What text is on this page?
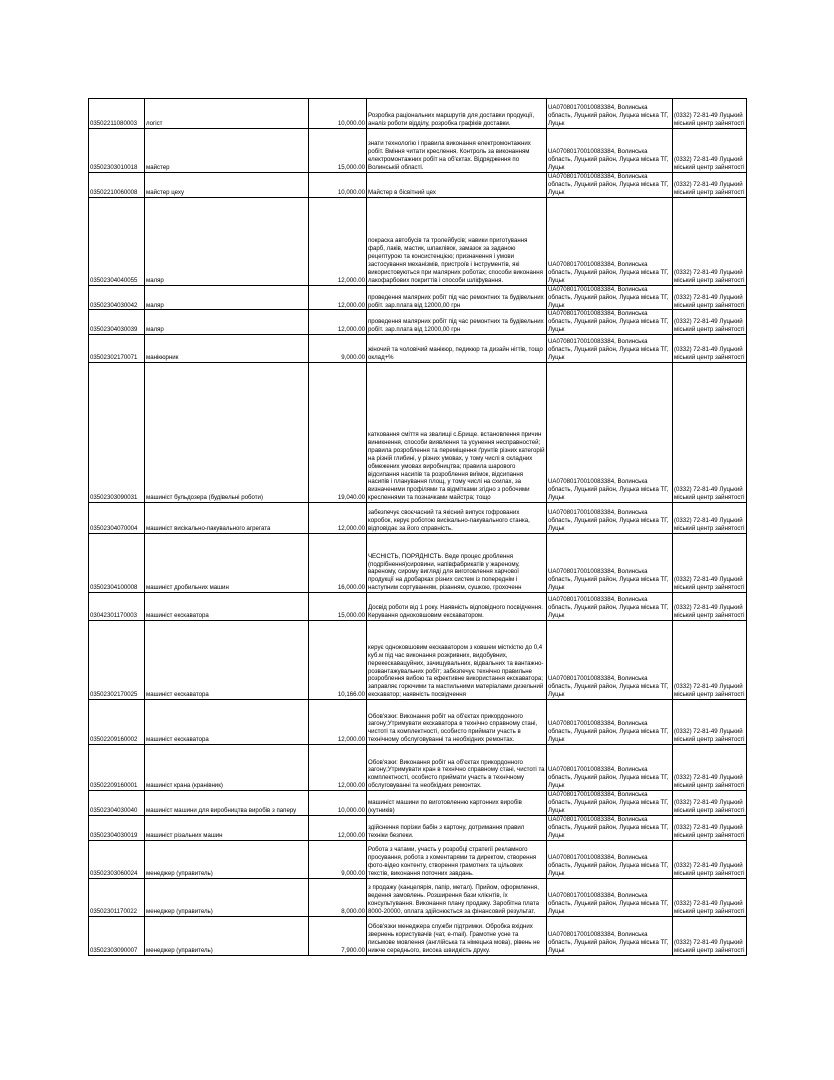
03502211080003	логіст	10,000.00	Розробка раціональних маршрутів для доставки продукції, аналіз роботи відділу, розробка графіків доставки.	UA07080170010083384, Волинська область, Луцький район, Луцька міська ТГ, Луцьк	(0332) 72-81-49 Луцький міський центр зайнятості
03502303010018	майстер	15,000.00	знати технологію і правила виконання електромонтажних робіт. Вміння читати креслення. Контроль за виконанням електромонтажних робіт на об'єктах. Відрядження по Волинській області.	UA07080170010083384, Волинська область, Луцький район, Луцька міська ТГ, Луцьк	(0332) 72-81-49 Луцький міський центр зайнятості
03502210060008	майстер цеху	10,000.00	Майстер в бісвітний цех	UA07080170010083384, Волинська область, Луцький район, Луцька міська ТГ, Луцьк	(0332) 72-81-49 Луцький міський центр зайнятості
03502304040055	маляр	12,000.00	покраска автобусів та тролейбусів; навики приготування фарб, лаків, мастик, шпаклівок, замазок за заданою рецептурою та консистенцією; призначення і умови застосування механізмів, пристроїв і інструментів, які використовуються при малярних роботах; способи виконання лакофарбових покриттів і способи шліфування.	UA07080170010083384, Волинська область, Луцький район, Луцька міська ТГ, Луцьк	(0332) 72-81-49 Луцький міський центр зайнятості
03502304030042	маляр	12,000.00	проведення малярних робіт під час ремонтних та будівельних робіт. зар.плата від 12000,00 грн	UA07080170010083384, Волинська область, Луцький район, Луцька міська ТГ, Луцьк	(0332) 72-81-49 Луцький міський центр зайнятості
03502304030039	маляр	12,000.00	проведення малярних робіт під час ремонтних та будівельних робіт. зар.плата від 12000,00 грн	UA07080170010083384, Волинська область, Луцький район, Луцька міська ТГ, Луцьк	(0332) 72-81-49 Луцький міський центр зайнятості
03502302170071	манікюрник	9,000.00	жіночий та чоловічий манікюр, педикюр та дизайн нігтів, тощо оклад+%	UA07080170010083384, Волинська область, Луцький район, Луцька міська ТГ, Луцьк	(0332) 72-81-49 Луцький міський центр зайнятості
03502303090031	машиніст бульдозера (будівельні роботи)	19,040.00	катковання сміття на звалищі с.Брище. встановлення причин виникнення, способи виявлення та усунення несправностей; правила розроблення та переміщення ґрунтів різних категорій на різній глибині, у різних умовах, у тому числі в складних обмежених умовах виробництва; правила шарового відсипання насипів та розроблення виїмок, відсипання насипів і планування площ, у тому числі на схилах, за визначеними профілями та відмітками згідно з робочими кресленнями та позначками майстра; тощо	UA07080170010083384, Волинська область, Луцький район, Луцька міська ТГ, Луцьк	(0332) 72-81-49 Луцький міський центр зайнятості
03502304070004	машиніст висікально-пакувального агрегата	12,000.00	забезпечує своєчасний та якісний випуск гофрованих коробок, керує роботою висікально-пакувального станка, відповідає за його справність.	UA07080170010083384, Волинська область, Луцький район, Луцька міська ТГ, Луцьк	(0332) 72-81-49 Луцький міський центр зайнятості
03502304100008	машиніст дробильних машин	16,000.00	ЧЕСНІСТЬ, ПОРЯДНІСТЬ. Веде процес дроблення (подрібнення)сировини, напівфабрикатів у жареному, вареному, сирому вигляді для виготовлення харчової продукції на дробарках різних систем із попереднім і наступним сортуванням, різанням, сушкою, грохоченн	UA07080170010083384, Волинська область, Луцький район, Луцька міська ТГ, Луцьк	(0332) 72-81-49 Луцький міський центр зайнятості
03042301170003	машиніст екскаватора	15,000.00	Досвід роботи від 1 року. Наявність відповідного посвідчення. Керування одноковшовим екскаватором.	UA07080170010083384, Волинська область, Луцький район, Луцька міська ТГ, Луцьк	(0332) 72-81-49 Луцький міський центр зайнятості
03502302170025	машиніст екскаватора	10,166.00	керує одноковшовим екскаватором з ковшем місткістю до 0,4 куб.м під час виконання розкривних, видобувних, перекескавацуйних, зачищувальних, відвальних та вантажно-розвантажувальних робіт; забезпечує технічно правильне розроблення вибою та ефективне використання екскаватора; заправляє горючими та мастильними матеріалами дизельний екскаватор; наявність посвідчення	UA07080170010083384, Волинська область, Луцький район, Луцька міська ТГ, Луцьк	(0332) 72-81-49 Луцький міський центр зайнятості
03502209160002	машиніст екскаватора	12,000.00	Обов'язки: Виконання робіт на об'єктах прикордонного загону;Утримувати екскаватора в технічно справному стані, чистоті та комплектності, особисто приймати участь в технічному обслуговуванні та необхідних ремонтах.	UA07080170010083384, Волинська область, Луцький район, Луцька міська ТГ, Луцьк	(0332) 72-81-49 Луцький міський центр зайнятості
03502209160001	машиніст крана (кранівник)	12,000.00	Обов'язки: Виконання робіт на об'єктах прикордонного загону;Утримувати кран в технічно справному стані, чистоті та комплектності, особисто приймати участь в технічному обслуговуванні та необхідних ремонтах.	UA07080170010083384, Волинська область, Луцький район, Луцька міська ТГ, Луцьк	(0332) 72-81-49 Луцький міський центр зайнятості
03502304030040	машиніст машини для виробництва виробів з паперу	10,000.00	машиніст машини по виготовленню картонних виробів (кутників)	UA07080170010083384, Волинська область, Луцький район, Луцька міська ТГ, Луцьк	(0332) 72-81-49 Луцький міський центр зайнятості
03502304030019	машиніст різальних машин	12,000.00	здійснення порізки бабін з картону, дотримання правил техніки безпеки.	UA07080170010083384, Волинська область, Луцький район, Луцька міська ТГ, Луцьк	(0332) 72-81-49 Луцький міський центр зайнятості
03502303060024	менеджер (управитель)	9,000.00	Робота з чатами, участь у розробці стратегії рекламного просування, робота з коментарями та директом, створення фото-відео контенту, створення грамотних та цільових текстів, виконання поточних завдань.	UA07080170010083384, Волинська область, Луцький район, Луцька міська ТГ, Луцьк	(0332) 72-81-49 Луцький міський центр зайнятості
03502301170022	менеджер (управитель)	8,000.00	з продажу (канцелярія, папір, метал). Прийом, оформлення, ведення замовлень. Розширення бази клієнтів, їх консультування. Виконання плану продажу. Заробітна плата 8000-20000, оплата здійснюється за фінансовий результат.	UA07080170010083384, Волинська область, Луцький район, Луцька міська ТГ, Луцьк	(0332) 72-81-49 Луцький міський центр зайнятості
03502303090007	менеджер (управитель)	7,900.00	Обов'язки менеджера служби підтримки. Обробка вхідних звернень користувачів (чат, e-mail). Грамотне усне та письмове мовлення (англійська та німецька мова), рівень не нижче середнього, висока швидкість друку.	UA07080170010083384, Волинська область, Луцький район, Луцька міська ТГ, Луцьк	(0332) 72-81-49 Луцький міський центр зайнятості
